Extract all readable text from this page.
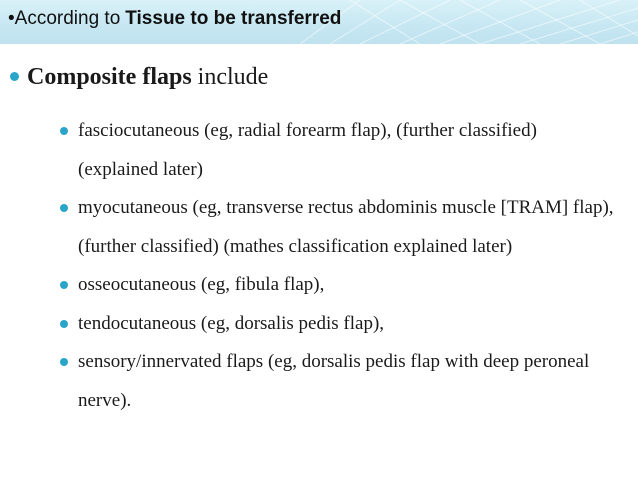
•According to Tissue to be transferred
Composite flaps include
fasciocutaneous (eg, radial forearm flap), (further classified) (explained later)
myocutaneous (eg, transverse rectus abdominis muscle [TRAM] flap), (further classified) (mathes classification explained later)
osseocutaneous (eg, fibula flap),
tendocutaneous (eg, dorsalis pedis flap),
sensory/innervated flaps (eg, dorsalis pedis flap with deep peroneal nerve).
